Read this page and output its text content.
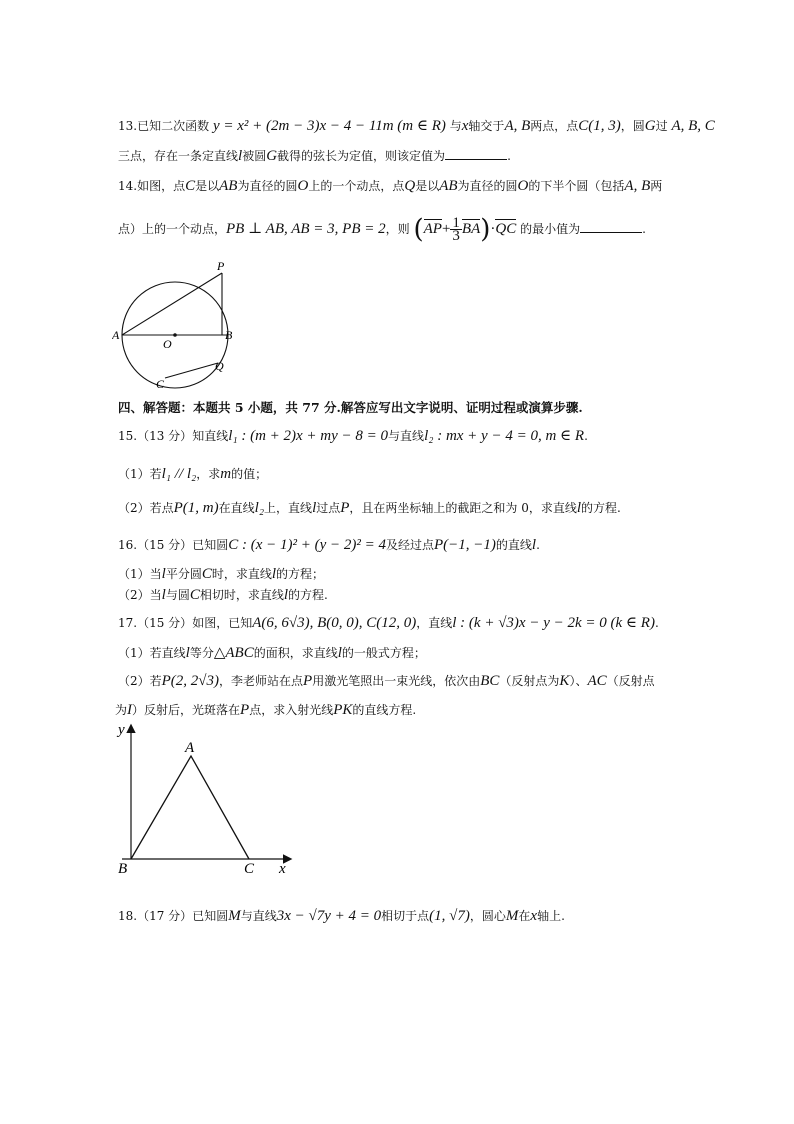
13.已知二次函数 y = x² + (2m − 3)x − 4 − 11m (m ∈ R) 与x轴交于A, B两点，点C(1, 3)，圆G过 A, B, C
三点，存在一条定直线l被圆G截得的弦长为定值，则该定值为	.
14.如图，点C是以AB为直径的圆O上的一个动点，点Q是以AB为直径的圆O的下半个圆（包括A, B两
点）上的一个动点，PB ⊥ AB, AB = 3, PB = 2，则 $(AP+ \frac{1}{3} BA)\cdot QC$ 的最小值为	.
P
A
O
B
Q
C
四、解答题：本题共 5 小题，共 77 分.解答应写出文字说明、证明过程或演算步骤.
15.（13 分）知直线l₁ : (m + 2)x + my − 8 = 0与直线l₂ : mx + y − 4 = 0, m ∈ R.
（1）若l₁ // l₂，求m的值；
（2）若点P(1, m)在直线l₂上，直线l过点P，且在两坐标轴上的截距之和为 0，求直线l的方程.
16.（15 分）已知圆C : (x − 1)² + (y − 2)² = 4及经过点P(−1, −1)的直线l.
（1）当l平分圆C时，求直线l的方程；
（2）当l与圆C相切时，求直线l的方程.
17.（15 分）如图，已知A(6, 6√3), B(0, 0), C(12, 0)，直线l : (k + √3)x − y − 2k = 0 (k ∈ R).
（1）若直线l等分△ABC的面积，求直线l的一般式方程；
（2）若P(2, 2√3)，李老师站在点P用激光笔照出一束光线，依次由BC（反射点为K）、AC（反射点
为I）反射后，光斑落在P点，求入射光线PK的直线方程.
y
A
B	C x
18.（17 分）已知圆M与直线3x − √7y + 4 = 0相切于点(1, √7)，圆心M在x轴上.
